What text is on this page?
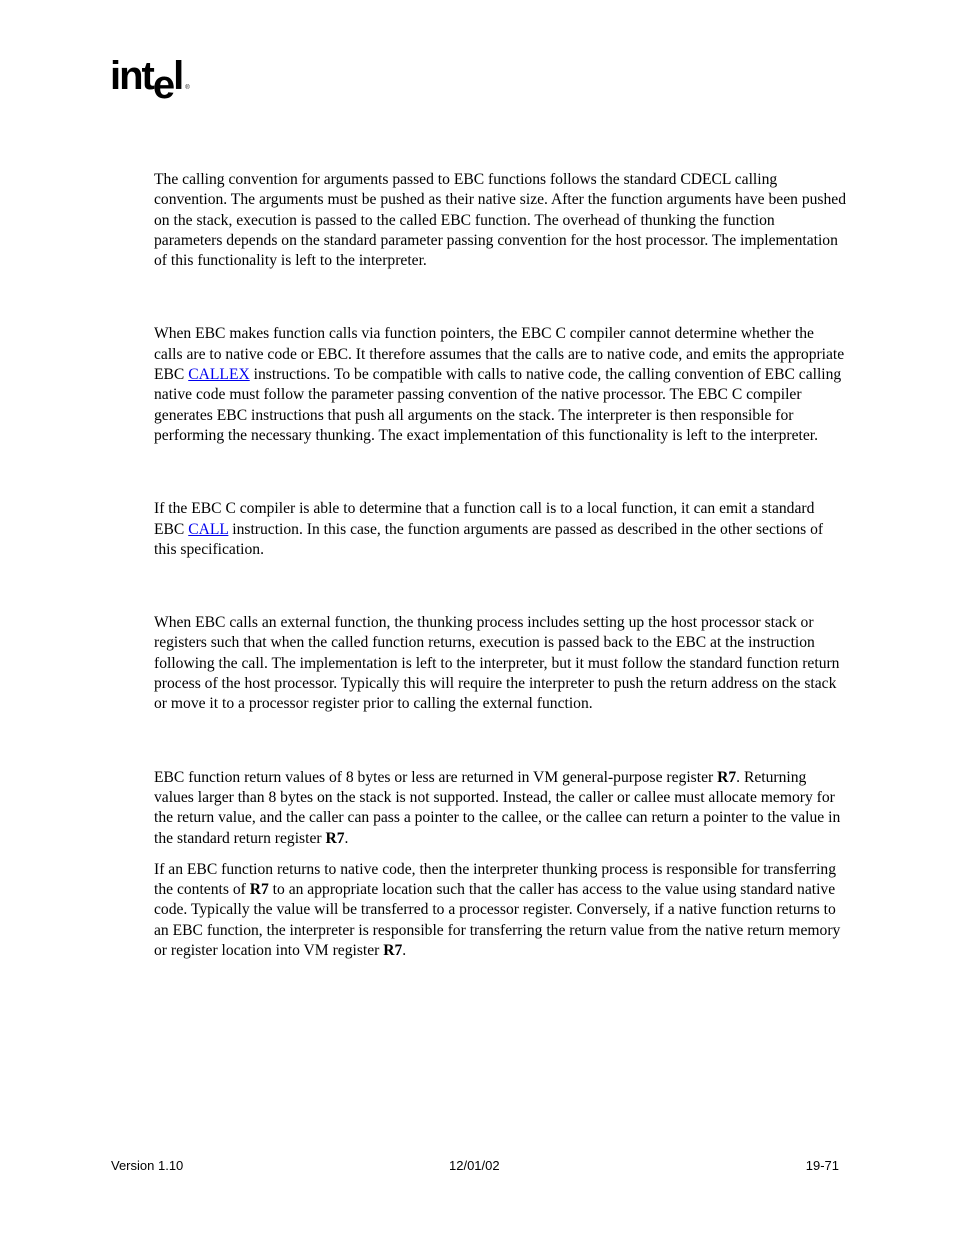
intel ®

The calling convention for arguments passed to EBC functions follows the standard CDECL calling convention. The arguments must be pushed as their native size. After the function arguments have been pushed on the stack, execution is passed to the called EBC function. The overhead of thunking the function parameters depends on the standard parameter passing convention for the host processor. The implementation of this functionality is left to the interpreter.

When EBC makes function calls via function pointers, the EBC C compiler cannot determine whether the calls are to native code or EBC. It therefore assumes that the calls are to native code, and emits the appropriate EBC CALLEX instructions. To be compatible with calls to native code, the calling convention of EBC calling native code must follow the parameter passing convention of the native processor. The EBC C compiler generates EBC instructions that push all arguments on the stack. The interpreter is then responsible for performing the necessary thunking. The exact implementation of this functionality is left to the interpreter.

If the EBC C compiler is able to determine that a function call is to a local function, it can emit a standard EBC CALL instruction. In this case, the function arguments are passed as described in the other sections of this specification.

When EBC calls an external function, the thunking process includes setting up the host processor stack or registers such that when the called function returns, execution is passed back to the EBC at the instruction following the call. The implementation is left to the interpreter, but it must follow the standard function return process of the host processor. Typically this will require the interpreter to push the return address on the stack or move it to a processor register prior to calling the external function.

EBC function return values of 8 bytes or less are returned in VM general-purpose register R7. Returning values larger than 8 bytes on the stack is not supported. Instead, the caller or callee must allocate memory for the return value, and the caller can pass a pointer to the callee, or the callee can return a pointer to the value in the standard return register R7.

If an EBC function returns to native code, then the interpreter thunking process is responsible for transferring the contents of R7 to an appropriate location such that the caller has access to the value using standard native code. Typically the value will be transferred to a processor register. Conversely, if a native function returns to an EBC function, the interpreter is responsible for transferring the return value from the native return memory or register location into VM register R7.

Version 1.10	12/01/02	19-71
